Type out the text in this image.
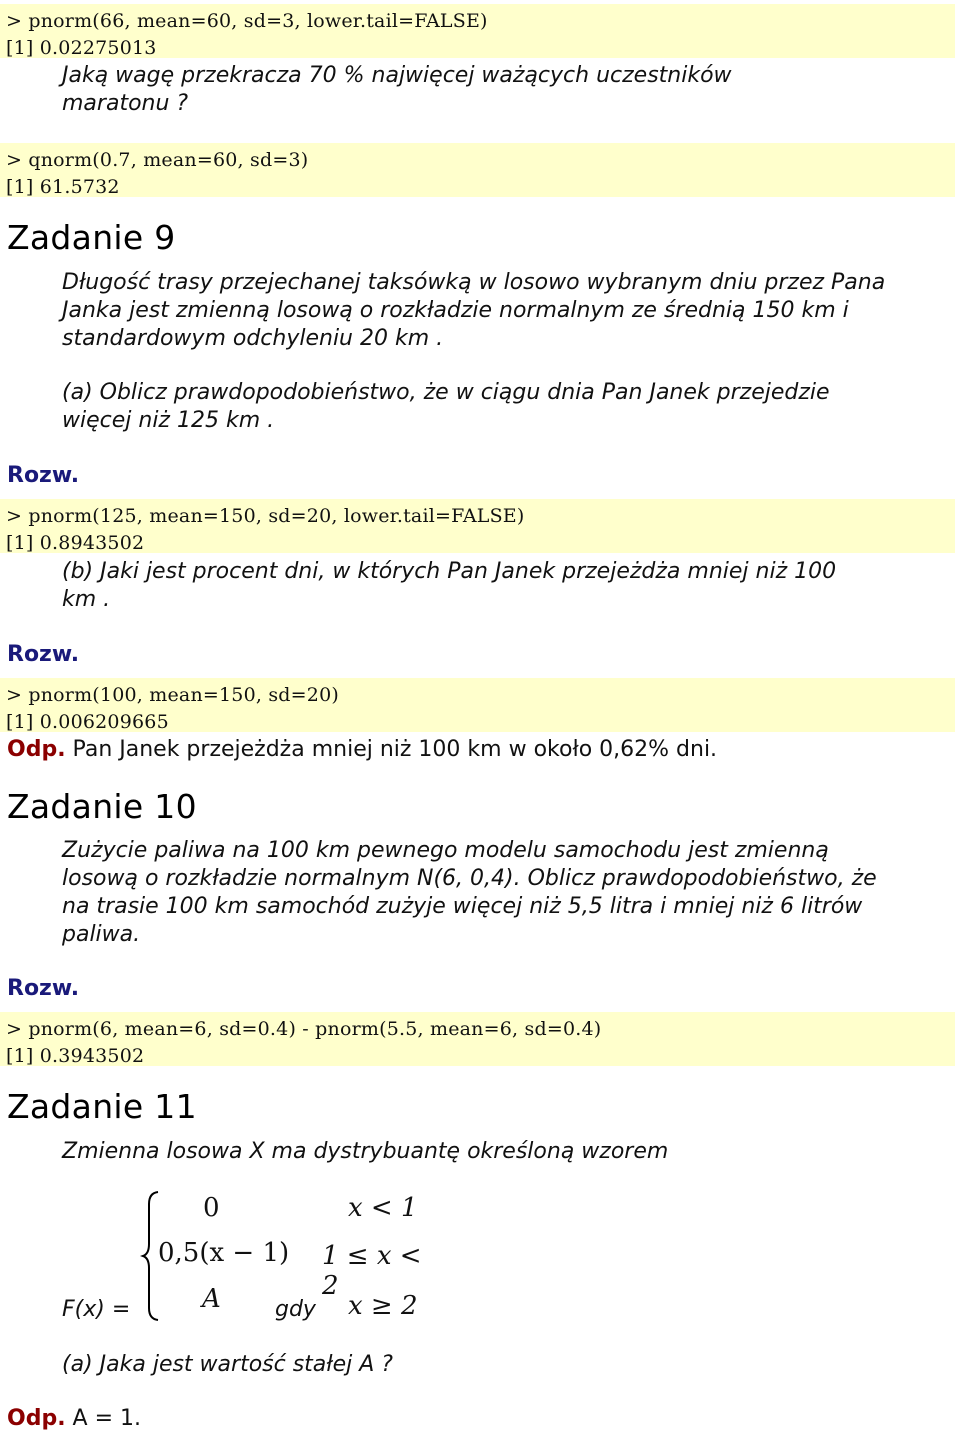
> pnorm(66, mean=60, sd=3, lower.tail=FALSE)
[1] 0.02275013
Jaką wagę przekracza 70 % najwięcej ważących uczestników maratonu ?
> qnorm(0.7, mean=60, sd=3)
[1] 61.5732
Zadanie 9
Długość trasy przejechanej taksówką w losowo wybranym dniu przez Pana Janka jest zmienną losową o rozkładzie normalnym ze średnią 150 km i standardowym odchyleniu 20 km .
(a) Oblicz prawdopodobieństwo, że w ciągu dnia Pan Janek przejedzie więcej niż 125 km .
Rozw.
> pnorm(125, mean=150, sd=20, lower.tail=FALSE)
[1] 0.8943502
(b) Jaki jest procent dni, w których Pan Janek przejeżdża mniej niż 100 km .
Rozw.
> pnorm(100, mean=150, sd=20)
[1] 0.006209665
Odp. Pan Janek przejeżdża mniej niż 100 km w około 0,62% dni.
Zadanie 10
Zużycie paliwa na 100 km pewnego modelu samochodu jest zmienną losową o rozkładzie normalnym N(6, 0,4). Oblicz prawdopodobieństwo, że na trasie 100 km samochód zużyje więcej niż 5,5 litra i mniej niż 6 litrów paliwa.
Rozw.
> pnorm(6, mean=6, sd=0.4) - pnorm(5.5, mean=6, sd=0.4)
[1] 0.3943502
Zadanie 11
Zmienna losowa X ma dystrybuantę określoną wzorem
F(x) =
0
0,5(x − 1)
A
x < 1
1 ≤ x < 2
x ≥ 2
gdy
(a) Jaka jest wartość stałej A ?
Odp. A = 1.
